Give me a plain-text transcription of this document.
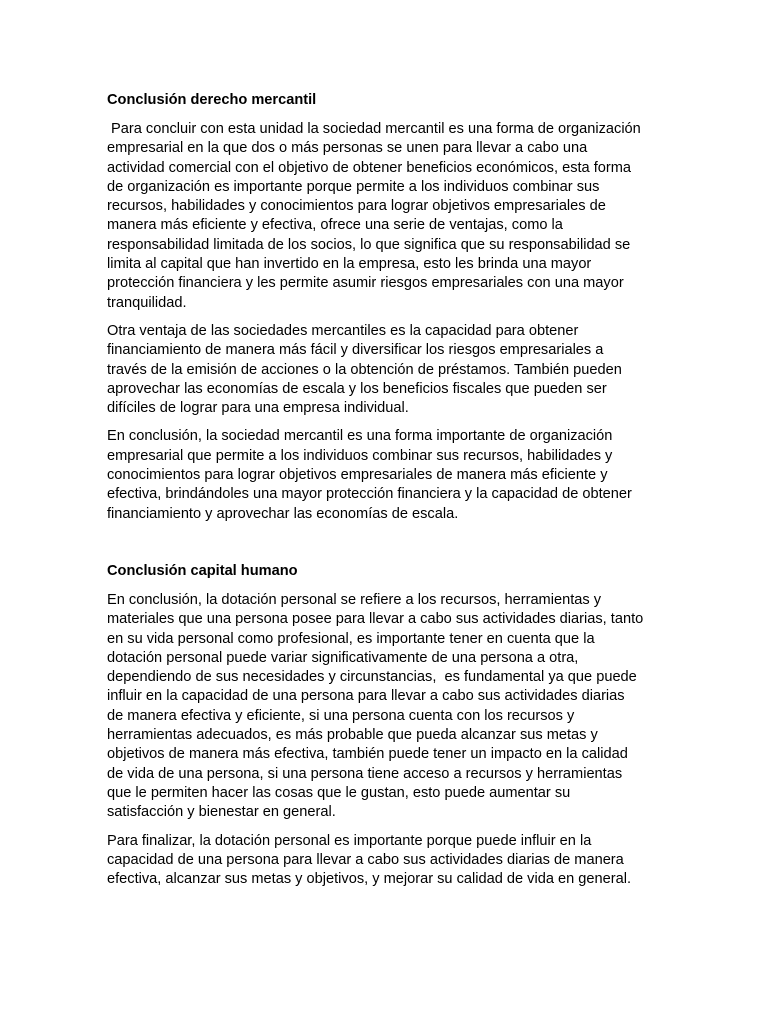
Conclusión derecho mercantil

Para concluir con esta unidad la sociedad mercantil es una forma de organización
empresarial en la que dos o más personas se unen para llevar a cabo una
actividad comercial con el objetivo de obtener beneficios económicos, esta forma
de organización es importante porque permite a los individuos combinar sus
recursos, habilidades y conocimientos para lograr objetivos empresariales de
manera más eficiente y efectiva, ofrece una serie de ventajas, como la
responsabilidad limitada de los socios, lo que significa que su responsabilidad se
limita al capital que han invertido en la empresa, esto les brinda una mayor
protección financiera y les permite asumir riesgos empresariales con una mayor
tranquilidad.

Otra ventaja de las sociedades mercantiles es la capacidad para obtener
financiamiento de manera más fácil y diversificar los riesgos empresariales a
través de la emisión de acciones o la obtención de préstamos. También pueden
aprovechar las economías de escala y los beneficios fiscales que pueden ser
difíciles de lograr para una empresa individual.

En conclusión, la sociedad mercantil es una forma importante de organización
empresarial que permite a los individuos combinar sus recursos, habilidades y
conocimientos para lograr objetivos empresariales de manera más eficiente y
efectiva, brindándoles una mayor protección financiera y la capacidad de obtener
financiamiento y aprovechar las economías de escala.

Conclusión capital humano

En conclusión, la dotación personal se refiere a los recursos, herramientas y
materiales que una persona posee para llevar a cabo sus actividades diarias, tanto
en su vida personal como profesional, es importante tener en cuenta que la
dotación personal puede variar significativamente de una persona a otra,
dependiendo de sus necesidades y circunstancias,  es fundamental ya que puede
influir en la capacidad de una persona para llevar a cabo sus actividades diarias
de manera efectiva y eficiente, si una persona cuenta con los recursos y
herramientas adecuados, es más probable que pueda alcanzar sus metas y
objetivos de manera más efectiva, también puede tener un impacto en la calidad
de vida de una persona, si una persona tiene acceso a recursos y herramientas
que le permiten hacer las cosas que le gustan, esto puede aumentar su
satisfacción y bienestar en general.

Para finalizar, la dotación personal es importante porque puede influir en la
capacidad de una persona para llevar a cabo sus actividades diarias de manera
efectiva, alcanzar sus metas y objetivos, y mejorar su calidad de vida en general.
